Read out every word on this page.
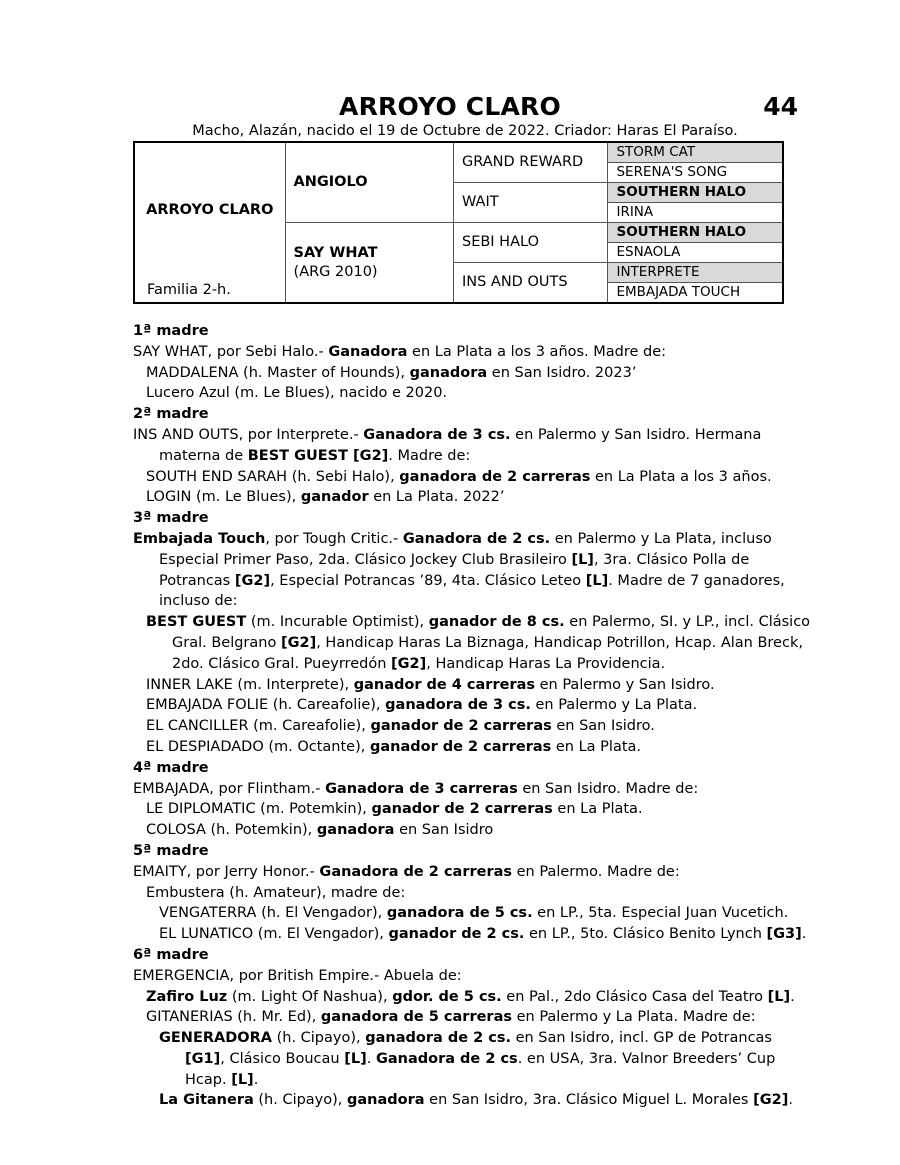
ARROYO CLARO	44
Macho, Alazán, nacido el 19 de Octubre de 2022. Criador: Haras El Paraíso.
ARROYO CLARO
Familia 2-h.	ANGIOLO	GRAND REWARD	STORM CAT
			SERENA'S SONG
		WAIT	SOUTHERN HALO
			IRINA

	SAY WHAT
(ARG 2010)	SEBI HALO	SOUTHERN HALO
			ESNAOLA
		INS AND OUTS	INTERPRETE
			EMBAJADA TOUCH

1ª madre

SAY WHAT, por Sebi Halo.- Ganadora en La Plata a los 3 años. Madre de:

MADDALENA (h. Master of Hounds), ganadora en San Isidro. 2023’

Lucero Azul (m. Le Blues), nacido e 2020.

2ª madre

INS AND OUTS, por Interprete.- Ganadora de 3 cs. en Palermo y San Isidro. Hermana materna de BEST GUEST [G2]. Madre de:

SOUTH END SARAH (h. Sebi Halo), ganadora de 2 carreras en La Plata a los 3 años.

LOGIN (m. Le Blues), ganador en La Plata. 2022’

3ª madre

Embajada Touch, por Tough Critic.- Ganadora de 2 cs. en Palermo y La Plata, incluso Especial Primer Paso, 2da. Clásico Jockey Club Brasileiro [L], 3ra. Clásico Polla de Potrancas [G2], Especial Potrancas ’89, 4ta. Clásico Leteo [L]. Madre de 7 ganadores, incluso de:

BEST GUEST (m. Incurable Optimist), ganador de 8 cs. en Palermo, SI. y LP., incl. Clásico Gral. Belgrano [G2], Handicap Haras La Biznaga, Handicap Potrillon, Hcap. Alan Breck, 2do. Clásico Gral. Pueyrredón [G2], Handicap Haras La Providencia.

INNER LAKE (m. Interprete), ganador de 4 carreras en Palermo y San Isidro.

EMBAJADA FOLIE (h. Careafolie), ganadora de 3 cs. en Palermo y La Plata.

EL CANCILLER (m. Careafolie), ganador de 2 carreras en San Isidro.

EL DESPIADADO (m. Octante), ganador de 2 carreras en La Plata.

4ª madre

EMBAJADA, por Flintham.- Ganadora de 3 carreras en San Isidro. Madre de:

LE DIPLOMATIC (m. Potemkin), ganador de 2 carreras en La Plata.

COLOSA (h. Potemkin), ganadora en San Isidro

5ª madre

EMAITY, por Jerry Honor.- Ganadora de 2 carreras en Palermo. Madre de:

Embustera (h. Amateur), madre de:

VENGATERRA (h. El Vengador), ganadora de 5 cs. en LP., 5ta. Especial Juan Vucetich.

EL LUNATICO (m. El Vengador), ganador de 2 cs. en LP., 5to. Clásico Benito Lynch [G3].

6ª madre

EMERGENCIA, por British Empire.- Abuela de:

Zafiro Luz (m. Light Of Nashua), gdor. de 5 cs. en Pal., 2do Clásico Casa del Teatro [L].

GITANERIAS (h. Mr. Ed), ganadora de 5 carreras en Palermo y La Plata. Madre de:

GENERADORA (h. Cipayo), ganadora de 2 cs. en San Isidro, incl. GP de Potrancas [G1], Clásico Boucau [L]. Ganadora de 2 cs. en USA, 3ra. Valnor Breeders’ Cup Hcap. [L].

La Gitanera (h. Cipayo), ganadora en San Isidro, 3ra. Clásico Miguel L. Morales [G2].
